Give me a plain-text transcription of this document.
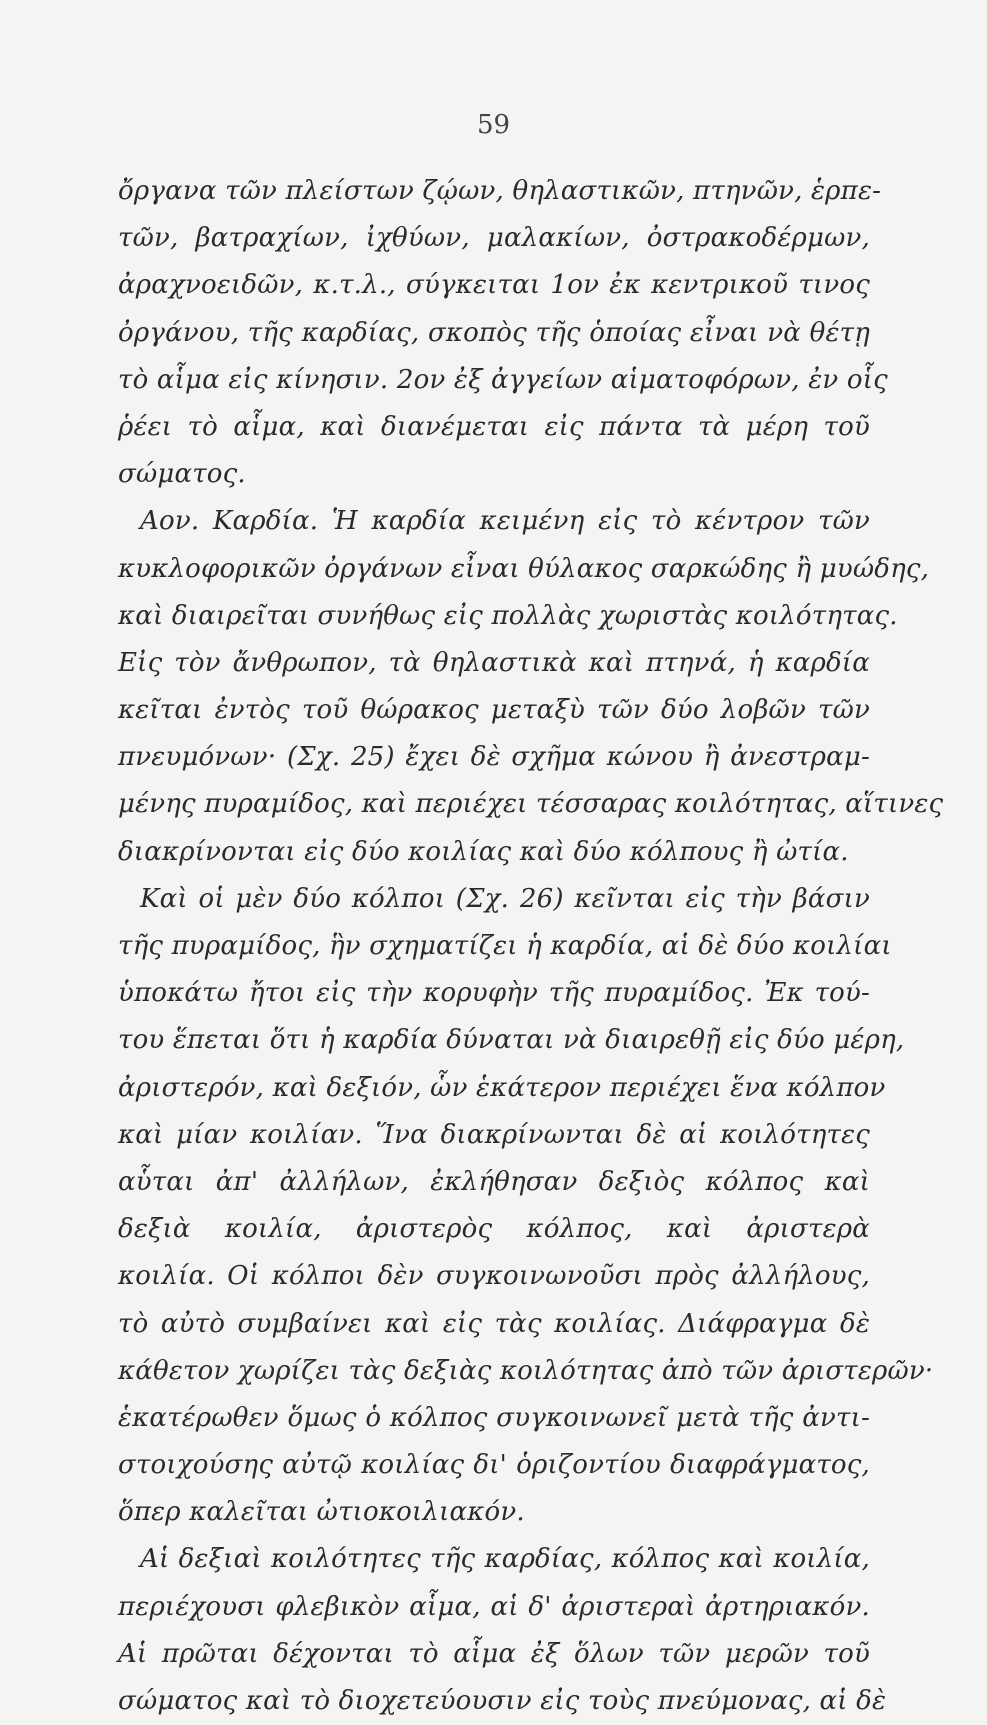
59
ὄργανα τῶν πλείστων ζῴων, θηλαστικῶν, πτηνῶν, ἑρπε-
τῶν, βατραχίων, ἰχθύων, μαλακίων, ὀστρακοδέρμων,
ἀραχνοειδῶν, κ.τ.λ., σύγκειται 1ον ἐκ κεντρικοῦ τινος
ὀργάνου, τῆς καρδίας, σκοπὸς τῆς ὁποίας εἶναι νὰ θέτῃ
τὸ αἷμα εἰς κίνησιν. 2ον ἐξ ἀγγείων αἱματοφόρων, ἐν οἷς
ῥέει τὸ αἷμα, καὶ διανέμεται εἰς πάντα τὰ μέρη τοῦ
σώματος.
Αον. Καρδία. Ἡ καρδία κειμένη εἰς τὸ κέντρον τῶν
κυκλοφορικῶν ὀργάνων εἶναι θύλακος σαρκώδης ἢ μυώδης,
καὶ διαιρεῖται συνήθως εἰς πολλὰς χωριστὰς κοιλότητας.
Εἰς τὸν ἄνθρωπον, τὰ θηλαστικὰ καὶ πτηνά, ἡ καρδία
κεῖται ἐντὸς τοῦ θώρακος μεταξὺ τῶν δύο λοβῶν τῶν
πνευμόνων· (Σχ. 25) ἔχει δὲ σχῆμα κώνου ἢ ἀνεστραμ-
μένης πυραμίδος, καὶ περιέχει τέσσαρας κοιλότητας, αἵτινες
διακρίνονται εἰς δύο κοιλίας καὶ δύο κόλπους ἢ ὠτία.
Καὶ οἱ μὲν δύο κόλποι (Σχ. 26) κεῖνται εἰς τὴν βάσιν
τῆς πυραμίδος, ἣν σχηματίζει ἡ καρδία, αἱ δὲ δύο κοιλίαι
ὑποκάτω ἤτοι εἰς τὴν κορυφὴν τῆς πυραμίδος. Ἐκ τού-
του ἕπεται ὅτι ἡ καρδία δύναται νὰ διαιρεθῇ εἰς δύο μέρη,
ἀριστερόν, καὶ δεξιόν, ὧν ἑκάτερον περιέχει ἕνα κόλπον
καὶ μίαν κοιλίαν. Ἵνα διακρίνωνται δὲ αἱ κοιλότητες
αὗται ἀπ' ἀλλήλων, ἐκλήθησαν δεξιὸς κόλπος καὶ
δεξιὰ κοιλία, ἀριστερὸς κόλπος, καὶ ἀριστερὰ
κοιλία. Οἱ κόλποι δὲν συγκοινωνοῦσι πρὸς ἀλλήλους,
τὸ αὐτὸ συμβαίνει καὶ εἰς τὰς κοιλίας. Διάφραγμα δὲ
κάθετον χωρίζει τὰς δεξιὰς κοιλότητας ἀπὸ τῶν ἀριστερῶν·
ἑκατέρωθεν ὅμως ὁ κόλπος συγκοινωνεῖ μετὰ τῆς ἀντι-
στοιχούσης αὐτῷ κοιλίας δι' ὁριζοντίου διαφράγματος,
ὅπερ καλεῖται ὠτιοκοιλιακόν.
Αἱ δεξιαὶ κοιλότητες τῆς καρδίας, κόλπος καὶ κοιλία,
περιέχουσι φλεβικὸν αἷμα, αἱ δ' ἀριστεραὶ ἀρτηριακόν.
Αἱ πρῶται δέχονται τὸ αἷμα ἐξ ὅλων τῶν μερῶν τοῦ
σώματος καὶ τὸ διοχετεύουσιν εἰς τοὺς πνεύμονας, αἱ δὲ
